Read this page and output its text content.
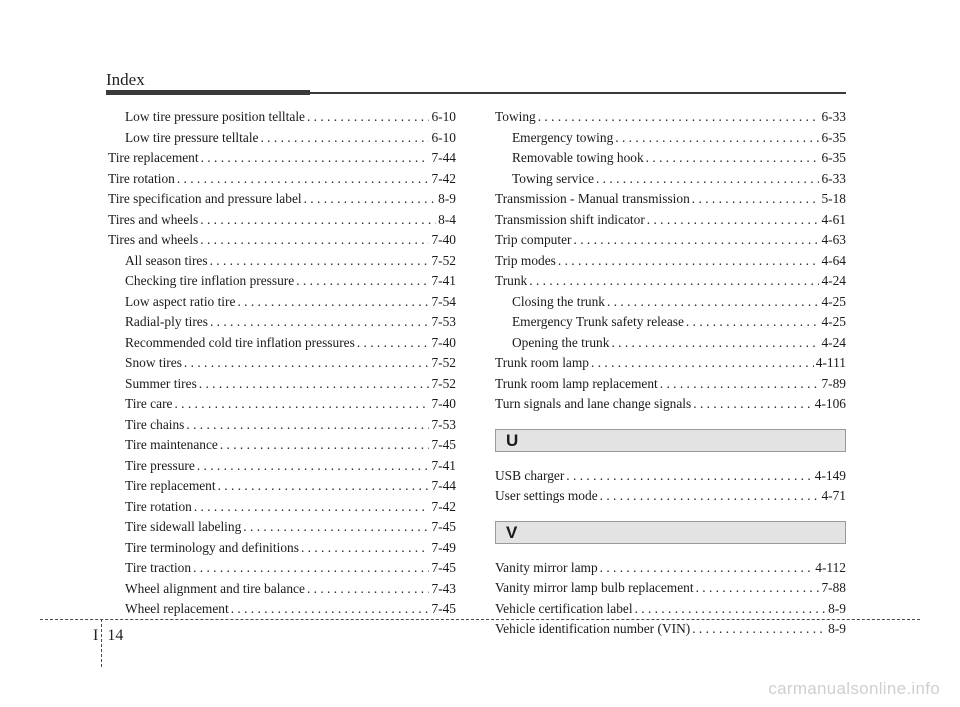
Index
Low tire pressure position telltale . . .	6-10
Low tire pressure telltale . . .	6-10
Tire replacement . . .	7-44
Tire rotation . . .	7-42
Tire specification and pressure label . . .	8-9
Tires and wheels . . .	8-4
Tires and wheels . . .	7-40
All season tires . . .	7-52
Checking tire inflation pressure . . .	7-41
Low aspect ratio tire . . .	7-54
Radial-ply tires . . .	7-53
Recommended cold tire inflation pressures . . .	7-40
Snow tires . . .	7-52
Summer tires . . .	7-52
Tire care . . .	7-40
Tire chains . . .	7-53
Tire maintenance . . .	7-45
Tire pressure . . .	7-41
Tire replacement . . .	7-44
Tire rotation . . .	7-42
Tire sidewall labeling . . .	7-45
Tire terminology and definitions . . .	7-49
Tire traction . . .	7-45
Wheel alignment and tire balance . . .	7-43
Wheel replacement . . .	7-45
Towing . . .	6-33
Emergency towing . . .	6-35
Removable towing hook . . .	6-35
Towing service . . .	6-33
Transmission - Manual transmission . . .	5-18
Transmission shift indicator . . .	4-61
Trip computer . . .	4-63
Trip modes . . .	4-64
Trunk . . .	4-24
Closing the trunk . . .	4-25
Emergency Trunk safety release . . .	4-25
Opening the trunk . . .	4-24
Trunk room lamp . . .	4-111
Trunk room lamp replacement . . .	7-89
Turn signals and lane change signals . . .	4-106
U
USB charger . . .	4-149
User settings mode . . .	4-71
V
Vanity mirror lamp . . .	4-112
Vanity mirror lamp bulb replacement . . .	7-88
Vehicle certification label . . .	8-9
Vehicle identification number (VIN) . . .	8-9
I 14
carmanualsonline.info
